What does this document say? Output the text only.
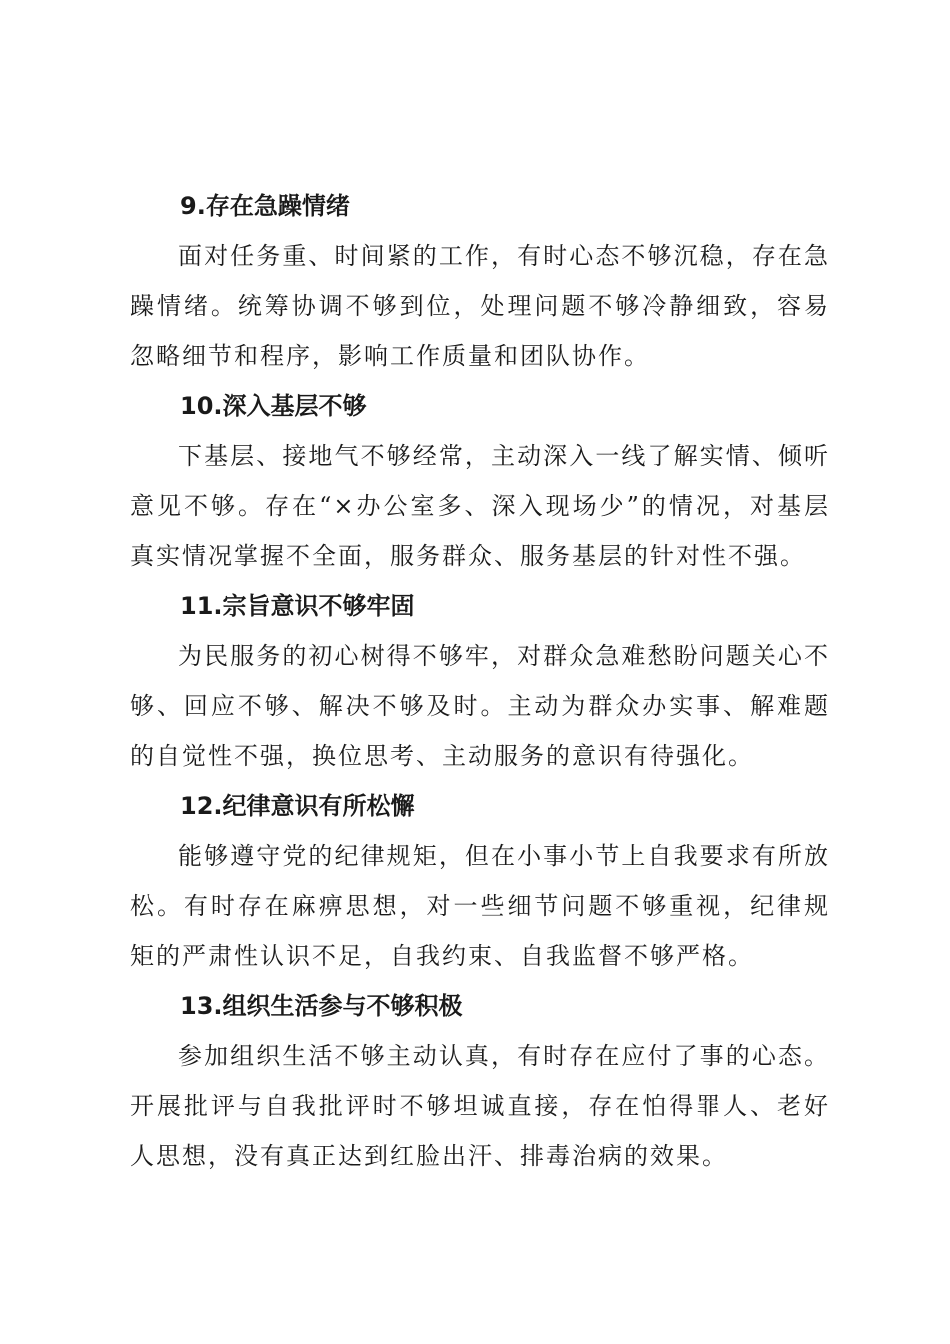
9.存在急躁情绪

面对任务重、时间紧的工作，有时心态不够沉稳，存在急躁情绪。统筹协调不够到位，处理问题不够冷静细致，容易忽略细节和程序，影响工作质量和团队协作。

10.深入基层不够

下基层、接地气不够经常，主动深入一线了解实情、倾听意见不够。存在“×办公室多、深入现场少”的情况，对基层真实情况掌握不全面，服务群众、服务基层的针对性不强。

11.宗旨意识不够牢固

为民服务的初心树得不够牢，对群众急难愁盼问题关心不够、回应不够、解决不够及时。主动为群众办实事、解难题的自觉性不强，换位思考、主动服务的意识有待强化。

12.纪律意识有所松懈

能够遵守党的纪律规矩，但在小事小节上自我要求有所放松。有时存在麻痹思想，对一些细节问题不够重视，纪律规矩的严肃性认识不足，自我约束、自我监督不够严格。

13.组织生活参与不够积极

参加组织生活不够主动认真，有时存在应付了事的心态。开展批评与自我批评时不够坦诚直接，存在怕得罪人、老好人思想，没有真正达到红脸出汗、排毒治病的效果。
